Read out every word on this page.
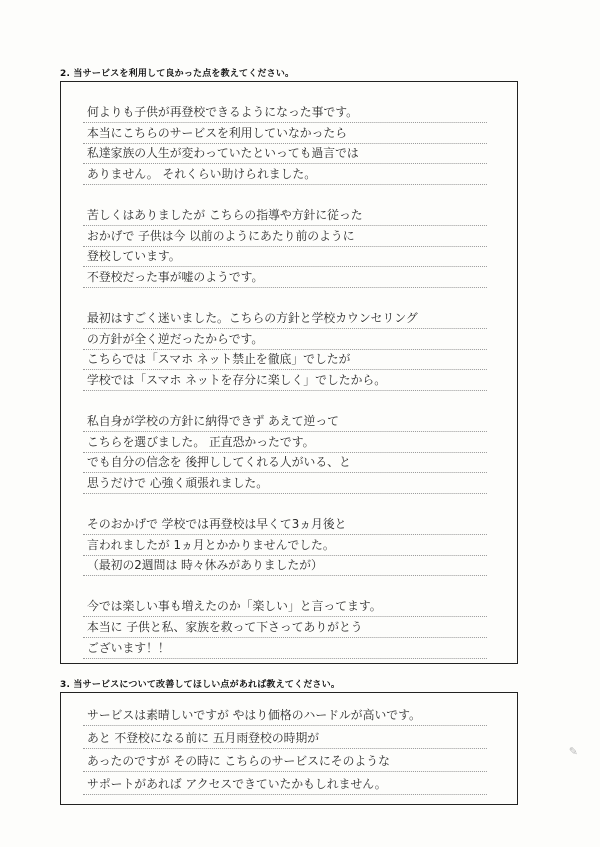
2. 当サービスを利用して良かった点を教えてください。
何よりも子供が再登校できるようになった事です。
本当にこちらのサービスを利用していなかったら
私達家族の人生が変わっていたといっても過言では
ありません。 それくらい助けられました。
苦しくはありましたが こちらの指導や方針に従った
おかげで 子供は今 以前のようにあたり前のように
登校しています。
不登校だった事が嘘のようです。
最初はすごく迷いました。こちらの方針と学校カウンセリング
の方針が全く逆だったからです。
こちらでは「スマホ ネット禁止を徹底」でしたが
学校では「スマホ ネットを存分に楽しく」でしたから。
私自身が学校の方針に納得できず あえて逆って
こちらを選びました。 正直恐かったです。
でも自分の信念を 後押ししてくれる人がいる、と
思うだけで 心強く頑張れました。
そのおかげで 学校では再登校は早くて3ヵ月後と
言われましたが 1ヵ月とかかりませんでした。
（最初の2週間は 時々休みがありましたが）
今では楽しい事も増えたのか「楽しい」と言ってます。
本当に 子供と私、家族を救って下さってありがとう
ございます！！
3. 当サービスについて改善してほしい点があれば教えてください。
サービスは素晴しいですが やはり価格のハードルが高いです。
あと 不登校になる前に 五月雨登校の時期が
あったのですが その時に こちらのサービスにそのような
サポートがあれば アクセスできていたかもしれません。
✎
